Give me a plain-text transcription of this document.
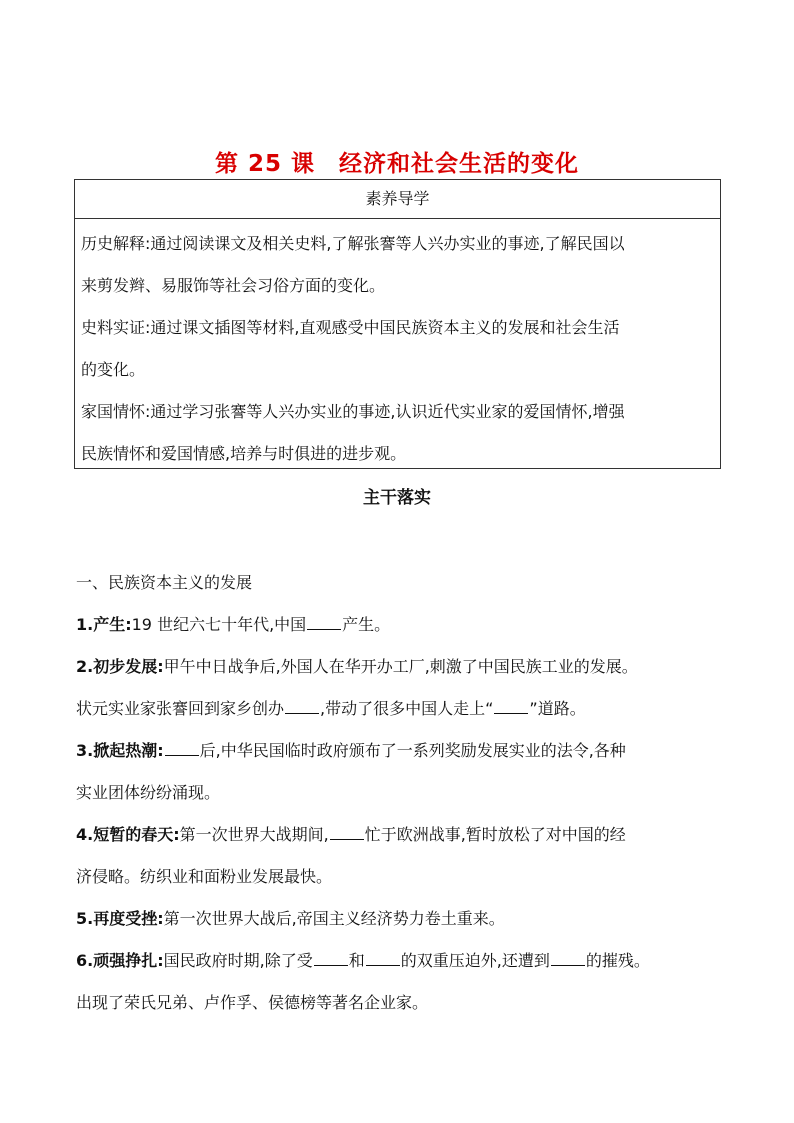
第 25 课　经济和社会生活的变化
素养导学

历史解释:通过阅读课文及相关史料,了解张謇等人兴办实业的事迹,了解民国以

来剪发辫、易服饰等社会习俗方面的变化。

史料实证:通过课文插图等材料,直观感受中国民族资本主义的发展和社会生活

的变化。

家国情怀:通过学习张謇等人兴办实业的事迹,认识近代实业家的爱国情怀,增强

民族情怀和爱国情感,培养与时俱进的进步观。

主干落实

一、民族资本主义的发展

1.产生:19 世纪六七十年代,中国 产生。

2.初步发展:甲午中日战争后,外国人在华开办工厂,刺激了中国民族工业的发展。

状元实业家张謇回到家乡创办 ,带动了很多中国人走上“ ”道路。

3.掀起热潮: 后,中华民国临时政府颁布了一系列奖励发展实业的法令,各种

实业团体纷纷涌现。

4.短暂的春天:第一次世界大战期间, 忙于欧洲战事,暂时放松了对中国的经

济侵略。纺织业和面粉业发展最快。

5.再度受挫:第一次世界大战后,帝国主义经济势力卷土重来。

6.顽强挣扎:国民政府时期,除了受 和 的双重压迫外,还遭到 的摧残。

出现了荣氏兄弟、卢作孚、侯德榜等著名企业家。
